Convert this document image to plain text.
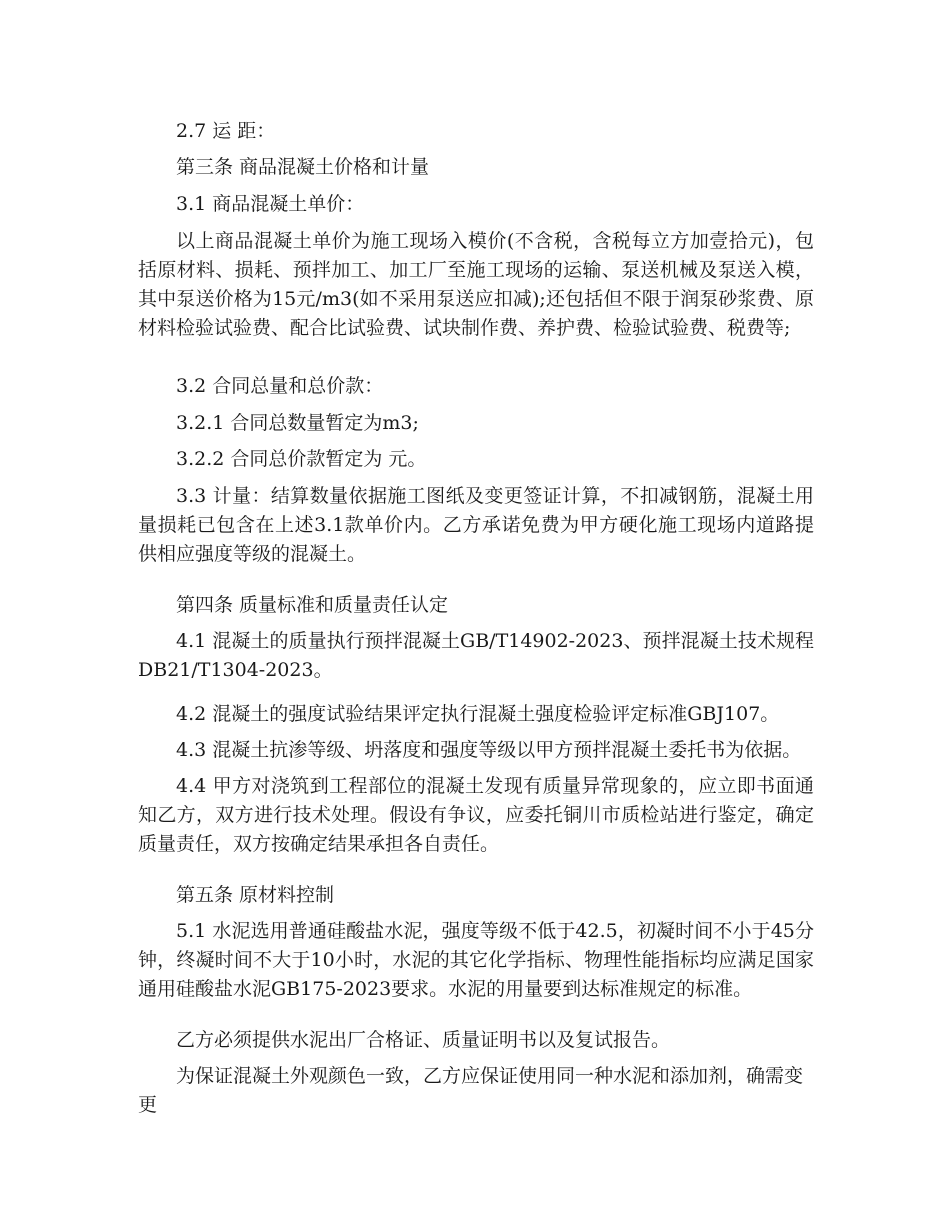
2.7 运 距：

第三条 商品混凝土价格和计量

3.1 商品混凝土单价：

以上商品混凝土单价为施工现场入模价(不含税，含税每立方加壹拾元)，包括原材料、损耗、预拌加工、加工厂至施工现场的运输、泵送机械及泵送入模，其中泵送价格为15元/m3(如不采用泵送应扣减);还包括但不限于润泵砂浆费、原材料检验试验费、配合比试验费、试块制作费、养护费、检验试验费、税费等;

3.2 合同总量和总价款：

3.2.1 合同总数量暂定为m3;

3.2.2 合同总价款暂定为 元。

3.3 计量：结算数量依据施工图纸及变更签证计算，不扣减钢筋，混凝土用量损耗已包含在上述3.1款单价内。乙方承诺免费为甲方硬化施工现场内道路提供相应强度等级的混凝土。

第四条 质量标准和质量责任认定

4.1 混凝土的质量执行预拌混凝土GB/T14902-2023、预拌混凝土技术规程DB21/T1304-2023。

4.2 混凝土的强度试验结果评定执行混凝土强度检验评定标准GBJ107。

4.3 混凝土抗渗等级、坍落度和强度等级以甲方预拌混凝土委托书为依据。

4.4 甲方对浇筑到工程部位的混凝土发现有质量异常现象的，应立即书面通知乙方，双方进行技术处理。假设有争议，应委托铜川市质检站进行鉴定，确定质量责任，双方按确定结果承担各自责任。

第五条 原材料控制

5.1 水泥选用普通硅酸盐水泥，强度等级不低于42.5，初凝时间不小于45分钟，终凝时间不大于10小时，水泥的其它化学指标、物理性能指标均应满足国家通用硅酸盐水泥GB175-2023要求。水泥的用量要到达标准规定的标准。

乙方必须提供水泥出厂合格证、质量证明书以及复试报告。

为保证混凝土外观颜色一致，乙方应保证使用同一种水泥和添加剂，确需变更
